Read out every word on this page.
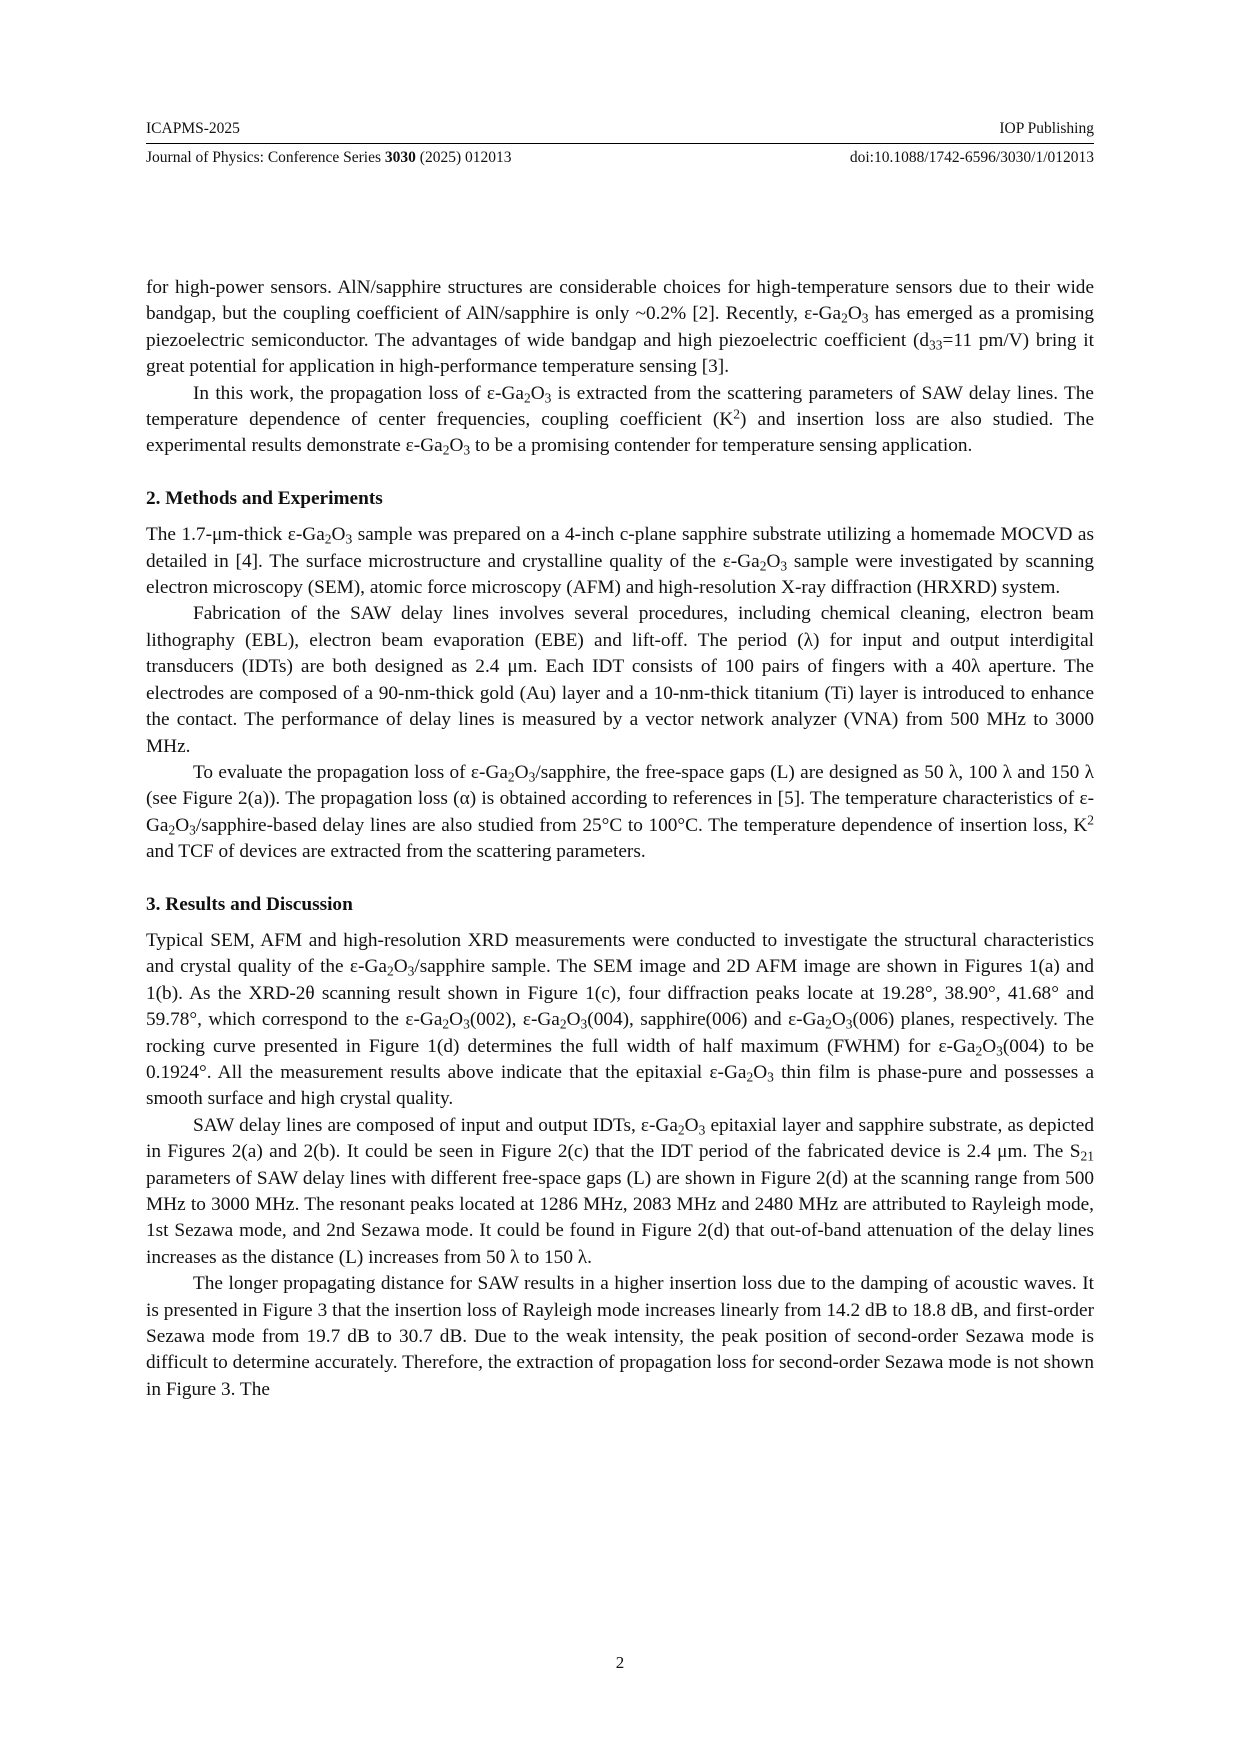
ICAPMS-2025	IOP Publishing
Journal of Physics: Conference Series 3030 (2025) 012013	doi:10.1088/1742-6596/3030/1/012013

for high-power sensors. AlN/sapphire structures are considerable choices for high-temperature sensors due to their wide bandgap, but the coupling coefficient of AlN/sapphire is only ~0.2% [2]. Recently, $\varepsilon-Ga_2O_3$ has emerged as a promising piezoelectric semiconductor. The advantages of wide bandgap and high piezoelectric coefficient ($d_{33}=11$ pm/V) bring it great potential for application in high-performance temperature sensing [3].

In this work, the propagation loss of $\varepsilon-Ga_2O_3$ is extracted from the scattering parameters of SAW delay lines. The temperature dependence of center frequencies, coupling coefficient $(K^2)$ and insertion loss are also studied. The experimental results demonstrate $\varepsilon-Ga_2O_3$ to be a promising contender for temperature sensing application.

2. Methods and Experiments

The 1.7-μm-thick $\varepsilon-Ga_2O_3$ sample was prepared on a 4-inch c-plane sapphire substrate utilizing a homemade MOCVD as detailed in [4]. The surface microstructure and crystalline quality of the $\varepsilon-Ga_2O_3$ sample were investigated by scanning electron microscopy (SEM), atomic force microscopy (AFM) and high-resolution X-ray diffraction (HRXRD) system.

Fabrication of the SAW delay lines involves several procedures, including chemical cleaning, electron beam lithography (EBL), electron beam evaporation (EBE) and lift-off. The period (λ) for input and output interdigital transducers (IDTs) are both designed as 2.4 μm. Each IDT consists of 100 pairs of fingers with a 40λ aperture. The electrodes are composed of a 90-nm-thick gold (Au) layer and a 10-nm-thick titanium (Ti) layer is introduced to enhance the contact. The performance of delay lines is measured by a vector network analyzer (VNA) from 500 MHz to 3000 MHz.

To evaluate the propagation loss of $\varepsilon-Ga_2O_3$/sapphire, the free-space gaps (L) are designed as 50 λ, 100 λ and 150 λ (see Figure 2(a)). The propagation loss (α) is obtained according to references in [5]. The temperature characteristics of $\varepsilon-Ga_2O_3/sapphire$-based delay lines are also studied from 25°C to 100°C. The temperature dependence of insertion loss, $K^2$ and TCF of devices are extracted from the scattering parameters.

3. Results and Discussion

Typical SEM, AFM and high-resolution XRD measurements were conducted to investigate the structural characteristics and crystal quality of the $\varepsilon-Ga_2O_3$/sapphire sample. The SEM image and 2D AFM image are shown in Figures 1(a) and 1(b). As the XRD-2θ scanning result shown in Figure 1(c), four diffraction peaks locate at 19.28°, 38.90°, 41.68° and 59.78°, which correspond to the $\varepsilon-Ga_2O_3(002)$, $\varepsilon-Ga_2O_3(004)$, sapphire(006) and $\varepsilon-Ga_2O_3(006)$ planes, respectively. The rocking curve presented in Figure 1(d) determines the full width of half maximum (FWHM) for $\varepsilon-Ga_2O_3(004)$ to be 0.1924°. All the measurement results above indicate that the epitaxial $\varepsilon-Ga_2O_3$ thin film is phase-pure and possesses a smooth surface and high crystal quality.

SAW delay lines are composed of input and output IDTs, $\varepsilon-Ga_2O_3$ epitaxial layer and sapphire substrate, as depicted in Figures 2(a) and 2(b). It could be seen in Figure 2(c) that the IDT period of the fabricated device is 2.4 μm. The $S_{21}$ parameters of SAW delay lines with different free-space gaps (L) are shown in Figure 2(d) at the scanning range from 500 MHz to 3000 MHz. The resonant peaks located at 1286 MHz, 2083 MHz and 2480 MHz are attributed to Rayleigh mode, 1st Sezawa mode, and 2nd Sezawa mode. It could be found in Figure 2(d) that out-of-band attenuation of the delay lines increases as the distance (L) increases from 50 λ to 150 λ.

The longer propagating distance for SAW results in a higher insertion loss due to the damping of acoustic waves. It is presented in Figure 3 that the insertion loss of Rayleigh mode increases linearly from 14.2 dB to 18.8 dB, and first-order Sezawa mode from 19.7 dB to 30.7 dB. Due to the weak intensity, the peak position of second-order Sezawa mode is difficult to determine accurately. Therefore, the extraction of propagation loss for second-order Sezawa mode is not shown in Figure 3. The

2
